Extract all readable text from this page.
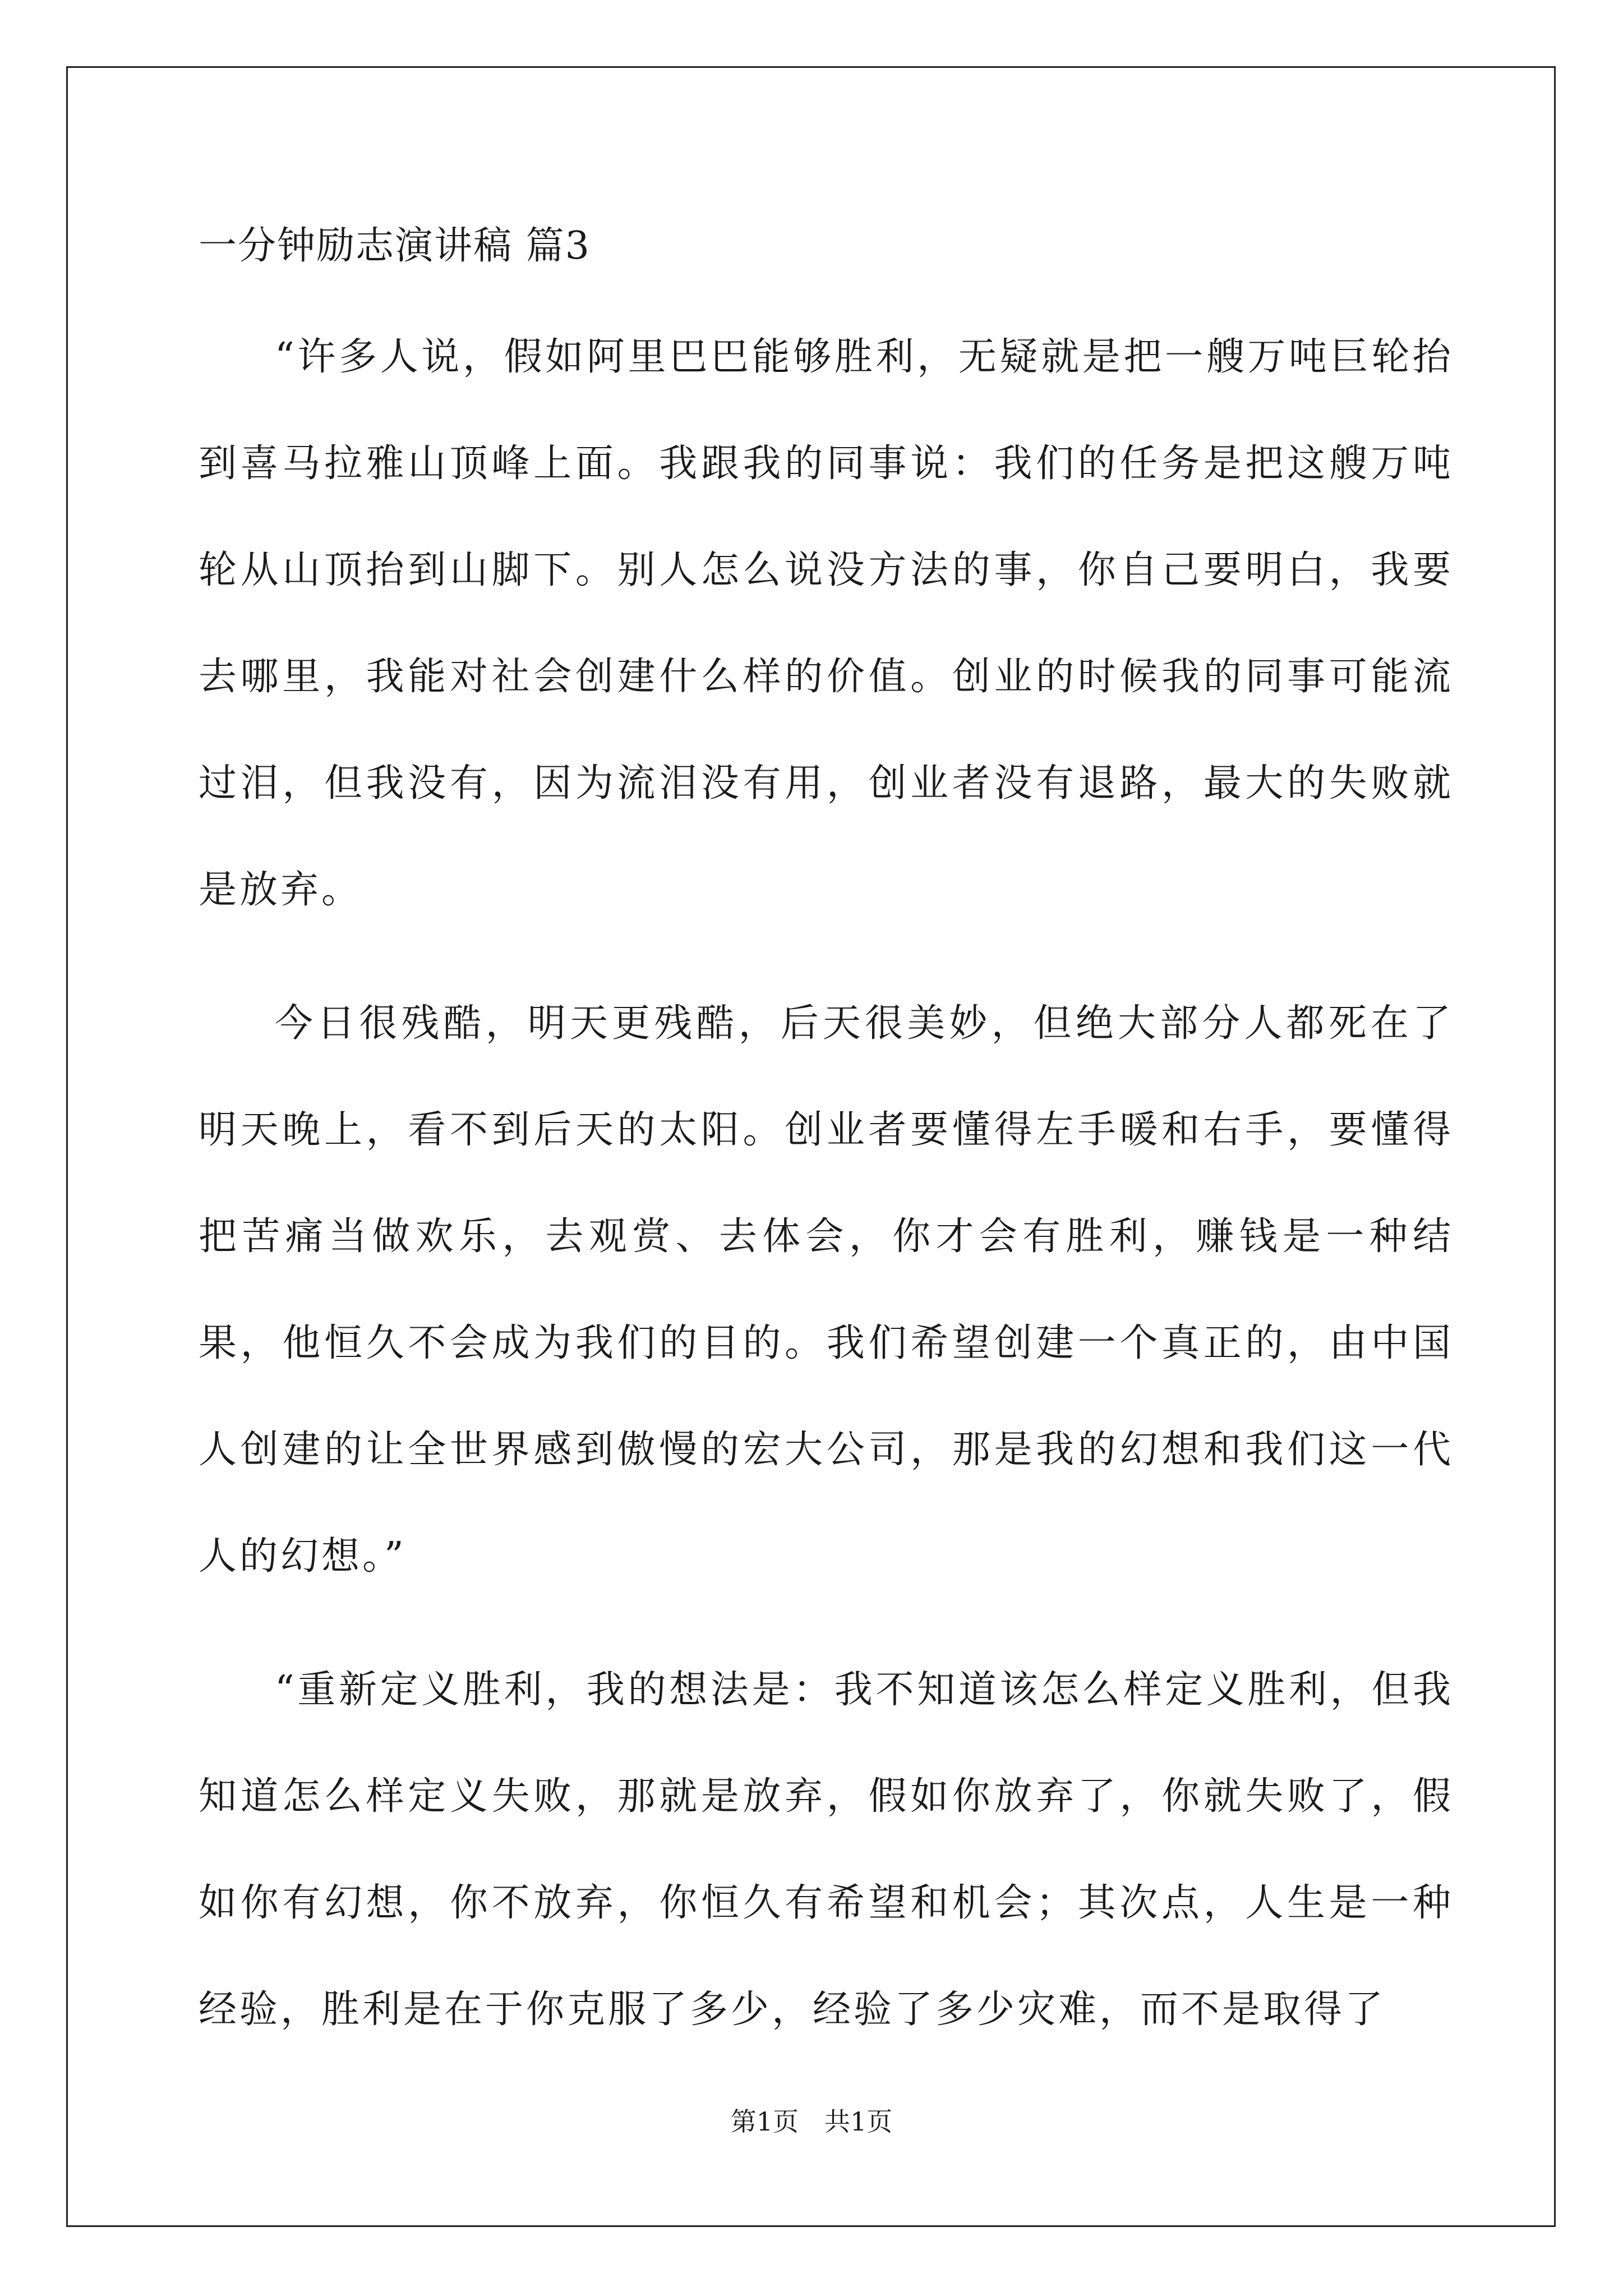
一分钟励志演讲稿 篇3

“许多人说，假如阿里巴巴能够胜利，无疑就是把一艘万吨巨轮抬到喜马拉雅山顶峰上面。我跟我的同事说：我们的任务是把这艘万吨轮从山顶抬到山脚下。别人怎么说没方法的事，你自己要明白，我要去哪里，我能对社会创建什么样的价值。创业的时候我的同事可能流过泪，但我没有，因为流泪没有用，创业者没有退路，最大的失败就是放弃。

今日很残酷，明天更残酷，后天很美妙，但绝大部分人都死在了明天晚上，看不到后天的太阳。创业者要懂得左手暖和右手，要懂得把苦痛当做欢乐，去观赏、去体会，你才会有胜利，赚钱是一种结果，他恒久不会成为我们的目的。我们希望创建一个真正的，由中国人创建的让全世界感到傲慢的宏大公司，那是我的幻想和我们这一代人的幻想。”

“重新定义胜利，我的想法是：我不知道该怎么样定义胜利，但我知道怎么样定义失败，那就是放弃，假如你放弃了，你就失败了，假如你有幻想，你不放弃，你恒久有希望和机会；其次点，人生是一种经验，胜利是在于你克服了多少，经验了多少灾难，而不是取得了

第1页 共1页
